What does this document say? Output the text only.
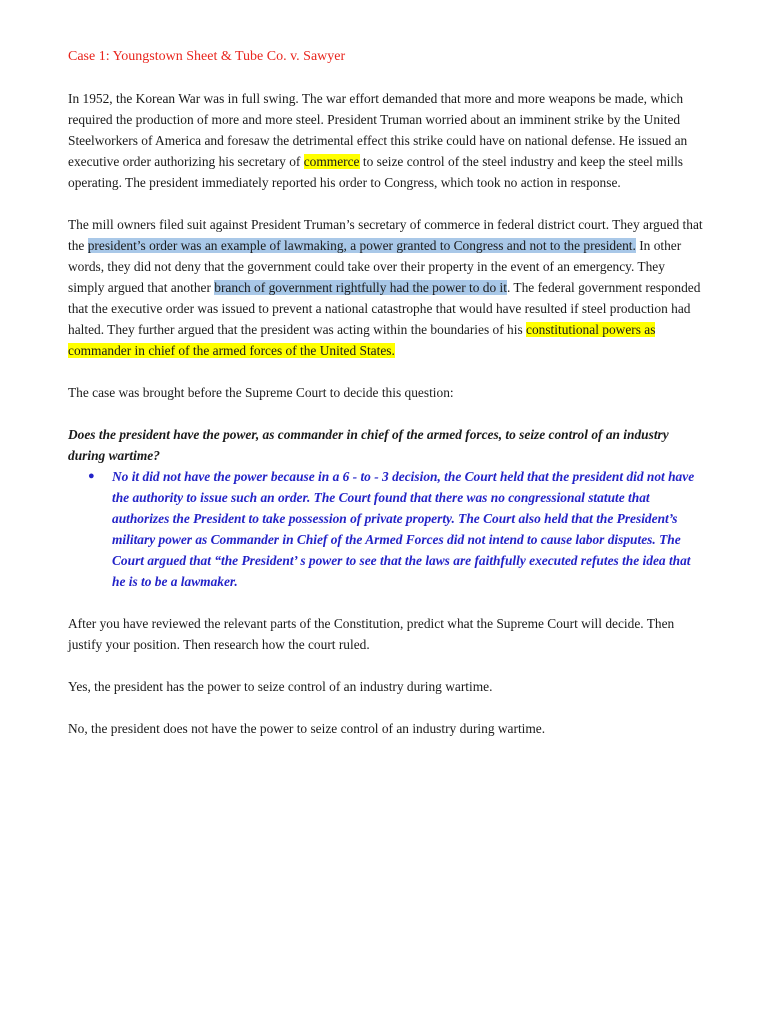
Case 1: Youngstown Sheet & Tube Co. v. Sawyer

In 1952, the Korean War was in full swing. The war effort demanded that more and more weapons be made, which required the production of more and more steel. President Truman worried about an imminent strike by the United Steelworkers of America and foresaw the detrimental effect this strike could have on national defense. He issued an executive order authorizing his secretary of commerce to seize control of the steel industry and keep the steel mills operating. The president immediately reported his order to Congress, which took no action in response.

The mill owners filed suit against President Truman’s secretary of commerce in federal district court. They argued that the president’s order was an example of lawmaking, a power granted to Congress and not to the president. In other words, they did not deny that the government could take over their property in the event of an emergency. They simply argued that another branch of government rightfully had the power to do it. The federal government responded that the executive order was issued to prevent a national catastrophe that would have resulted if steel production had halted. They further argued that the president was acting within the boundaries of his constitutional powers as commander in chief of the armed forces of the United States.

The case was brought before the Supreme Court to decide this question:

Does the president have the power, as commander in chief of the armed forces, to seize control of an industry during wartime?

● No it did not have the power because in a 6 - to - 3 decision, the Court held that the president did not have the authority to issue such an order. The Court found that there was no congressional statute that authorizes the President to take possession of private property. The Court also held that the President’s military power as Commander in Chief of the Armed Forces did not intend to cause labor disputes. The Court argued that “the President’ s power to see that the laws are faithfully executed refutes the idea that he is to be a lawmaker.

After you have reviewed the relevant parts of the Constitution, predict what the Supreme Court will decide. Then justify your position. Then research how the court ruled.

Yes, the president has the power to seize control of an industry during wartime.

No, the president does not have the power to seize control of an industry during wartime.
